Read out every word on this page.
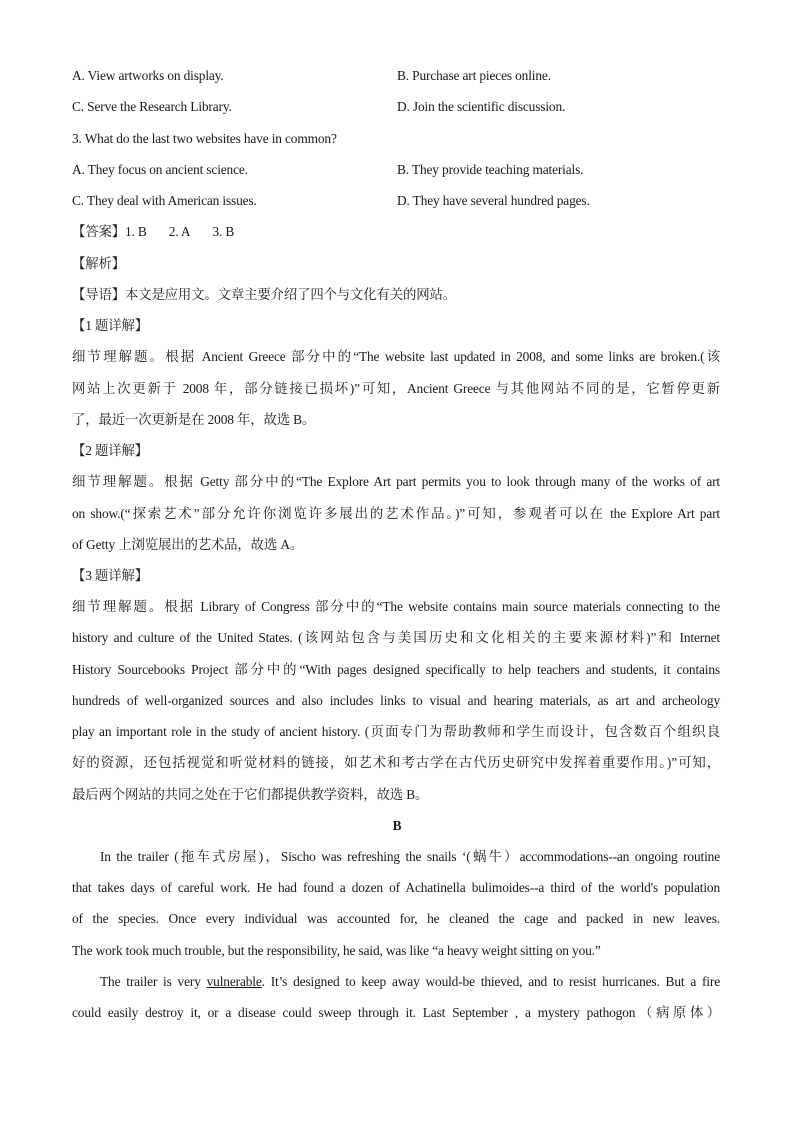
A. View artworks on display.	B. Purchase art pieces online.
C. Serve the Research Library.	D. Join the scientific discussion.
3. What do the last two websites have in common?
A. They focus on ancient science.	B. They provide teaching materials.
C. They deal with American issues.	D. They have several hundred pages.
【答案】1. B 2. A 3. B
【解析】
【导语】本文是应用文。文章主要介绍了四个与文化有关的网站。
【1 题详解】
细节理解题。根据 Ancient Greece 部分中的“The website last updated in 2008, and some links are broken.(该
网站上次更新于 2008 年，部分链接已损坏)”可知，Ancient Greece 与其他网站不同的是，它暂停更新
了，最近一次更新是在 2008 年，故选 B。
【2 题详解】
细节理解题。根据 Getty 部分中的“The Explore Art part permits you to look through many of the works of art
on show.(“探索艺术”部分允许你浏览许多展出的艺术作品。)”可知，参观者可以在 the Explore Art part
of Getty 上浏览展出的艺术品，故选 A。
【3 题详解】
细节理解题。根据 Library of Congress 部分中的“The website contains main source materials connecting to the
history and culture of the United States. (该网站包含与美国历史和文化相关的主要来源材料)”和 Internet
History Sourcebooks Project 部分中的“With pages designed specifically to help teachers and students, it contains
hundreds of well-organized sources and also includes links to visual and hearing materials, as art and archeology
play an important role in the study of ancient history. (页面专门为帮助教师和学生而设计，包含数百个组织良
好的资源，还包括视觉和听觉材料的链接，如艺术和考古学在古代历史研究中发挥着重要作用。)”可知，
最后两个网站的共同之处在于它们都提供教学资料，故选 B。
B
In the trailer (拖车式房屋)，Sischo was refreshing the snails ‘(蜗牛）accommodations--an ongoing routine
that takes days of careful work. He had found a dozen of Achatinella bulimoides--a third of the world's population
of the species. Once every individual was accounted for, he cleaned the cage and packed in new leaves.
The work took much trouble, but the responsibility, he said, was like “a heavy weight sitting on you.”
The trailer is very vulnerable. It’s designed to keep away would-be thieved, and to resist hurricanes. But a fire
could easily destroy it, or a disease could sweep through it. Last September , a mystery pathogon（病原体）
